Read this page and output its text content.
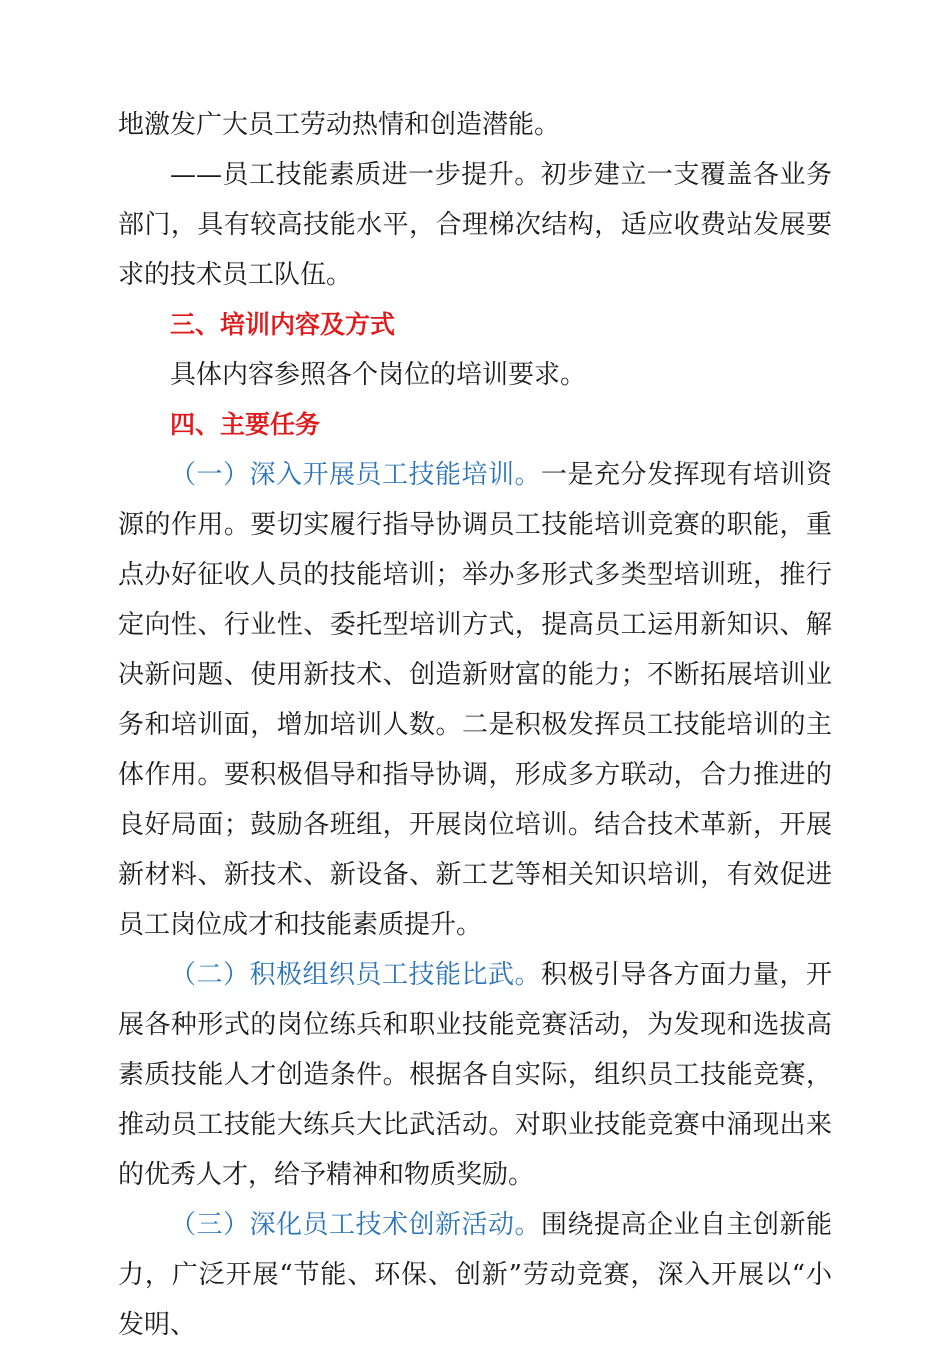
地激发广大员工劳动热情和创造潜能。

——员工技能素质进一步提升。初步建立一支覆盖各业务部门，具有较高技能水平，合理梯次结构，适应收费站发展要求的技术员工队伍。

三、培训内容及方式

具体内容参照各个岗位的培训要求。

四、主要任务

（一）深入开展员工技能培训。一是充分发挥现有培训资源的作用。要切实履行指导协调员工技能培训竞赛的职能，重点办好征收人员的技能培训；举办多形式多类型培训班，推行定向性、行业性、委托型培训方式，提高员工运用新知识、解决新问题、使用新技术、创造新财富的能力；不断拓展培训业务和培训面，增加培训人数。二是积极发挥员工技能培训的主体作用。要积极倡导和指导协调，形成多方联动，合力推进的良好局面；鼓励各班组，开展岗位培训。结合技术革新，开展新材料、新技术、新设备、新工艺等相关知识培训，有效促进员工岗位成才和技能素质提升。

（二）积极组织员工技能比武。积极引导各方面力量，开展各种形式的岗位练兵和职业技能竞赛活动，为发现和选拔高素质技能人才创造条件。根据各自实际，组织员工技能竞赛，推动员工技能大练兵大比武活动。对职业技能竞赛中涌现出来的优秀人才，给予精神和物质奖励。

（三）深化员工技术创新活动。围绕提高企业自主创新能力，广泛开展“节能、环保、创新”劳动竞赛，深入开展以“小发明、
